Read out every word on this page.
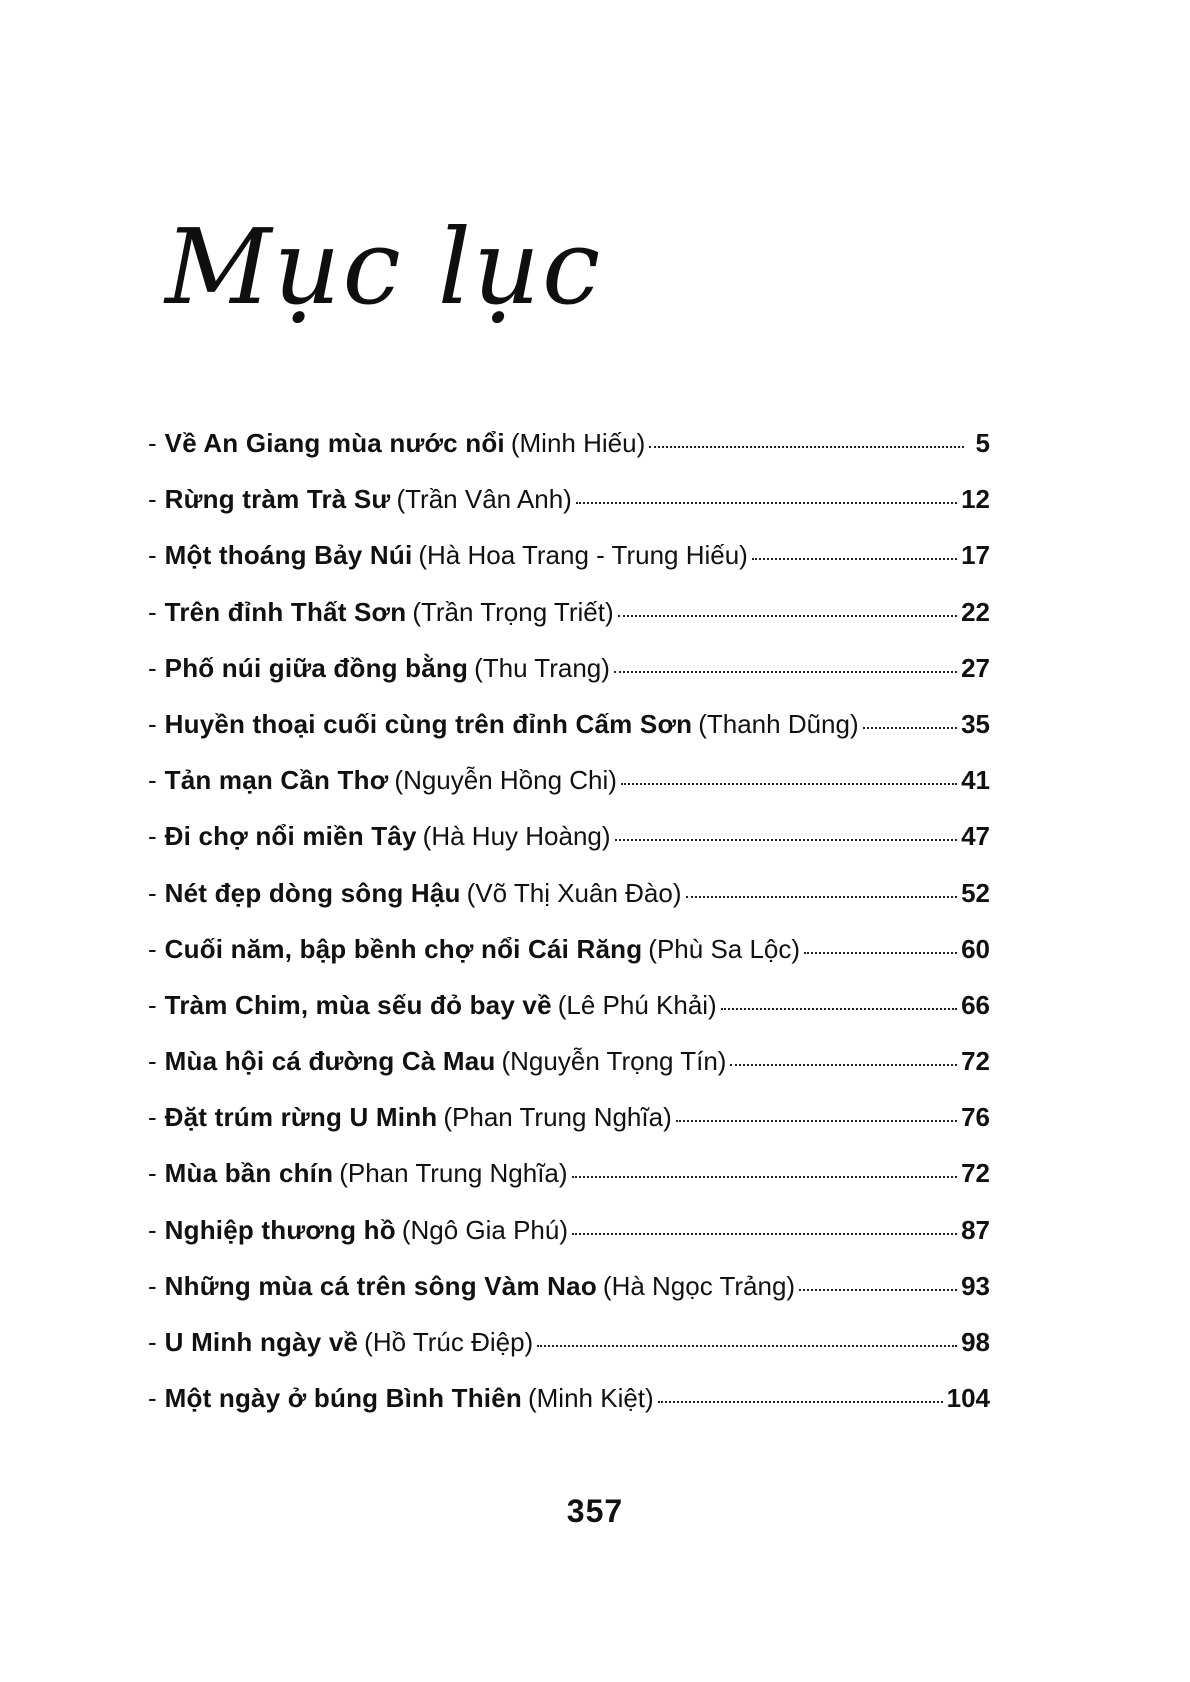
Mục lục
- Về An Giang mùa nước nổi (Minh Hiếu)	5
- Rừng tràm Trà Sư (Trần Vân Anh)	12
- Một thoáng Bảy Núi (Hà Hoa Trang - Trung Hiếu)	17
- Trên đỉnh Thất Sơn (Trần Trọng Triết)	22
- Phố núi giữa đồng bằng (Thu Trang)	27
- Huyền thoại cuối cùng trên đỉnh Cấm Sơn (Thanh Dũng)	35
- Tản mạn Cần Thơ (Nguyễn Hồng Chi)	41
- Đi chợ nổi miền Tây (Hà Huy Hoàng)	47
- Nét đẹp dòng sông Hậu (Võ Thị Xuân Đào)	52
- Cuối năm, bập bềnh chợ nổi Cái Răng (Phù Sa Lộc)	60
- Tràm Chim, mùa sếu đỏ bay về (Lê Phú Khải)	66
- Mùa hội cá đường Cà Mau (Nguyễn Trọng Tín)	72
- Đặt trúm rừng U Minh (Phan Trung Nghĩa)	76
- Mùa bần chín (Phan Trung Nghĩa)	72
- Nghiệp thương hồ (Ngô Gia Phú)	87
- Những mùa cá trên sông Vàm Nao (Hà Ngọc Trảng)	93
- U Minh ngày về (Hồ Trúc Điệp)	98
- Một ngày ở búng Bình Thiên (Minh Kiệt)	104
357
